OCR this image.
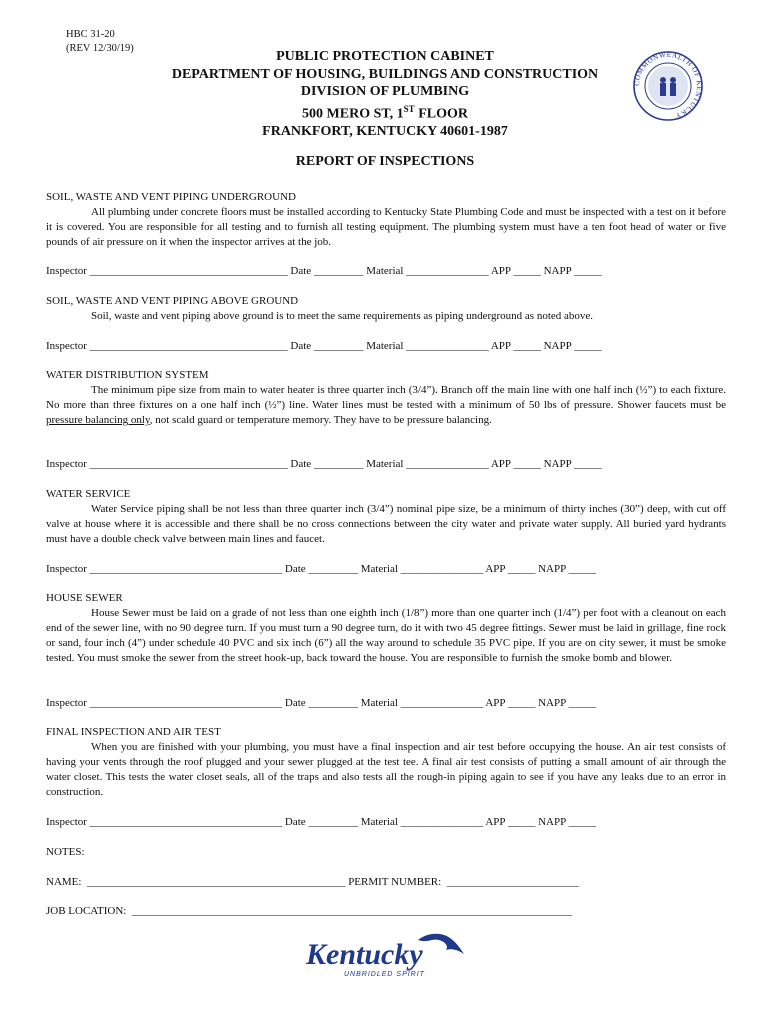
HBC 31-20
(REV 12/30/19)
PUBLIC PROTECTION CABINET
DEPARTMENT OF HOUSING, BUILDINGS AND CONSTRUCTION
DIVISION OF PLUMBING
500 MERO ST, 1ST FLOOR
FRANKFORT, KENTUCKY 40601-1987
COMMONWEALTH OF KENTUCKY
REPORT OF INSPECTIONS
SOIL, WASTE AND VENT PIPING UNDERGROUND
All plumbing under concrete floors must be installed according to Kentucky State Plumbing Code and must be inspected with a test on it before it is covered. You are responsible for all testing and to furnish all testing equipment. The plumbing system must have a ten foot head of water or five pounds of air pressure on it when the inspector arrives at the job.
Inspector ____________________________________ Date _________ Material _______________ APP _____ NAPP _____
SOIL, WASTE AND VENT PIPING ABOVE GROUND
Soil, waste and vent piping above ground is to meet the same requirements as piping underground as noted above.
Inspector ____________________________________ Date _________ Material _______________ APP _____ NAPP _____
WATER DISTRIBUTION SYSTEM
The minimum pipe size from main to water heater is three quarter inch (3/4”). Branch off the main line with one half inch (½”) to each fixture. No more than three fixtures on a one half inch (½”) line. Water lines must be tested with a minimum of 50 lbs of pressure. Shower faucets must be pressure balancing only, not scald guard or temperature memory. They have to be pressure balancing.
Inspector ____________________________________ Date _________ Material _______________ APP _____ NAPP _____
WATER SERVICE
Water Service piping shall be not less than three quarter inch (3/4”) nominal pipe size, be a minimum of thirty inches (30”) deep, with cut off valve at house where it is accessible and there shall be no cross connections between the city water and private water supply. All buried yard hydrants must have a double check valve between main lines and faucet.
Inspector ___________________________________ Date _________ Material _______________ APP _____ NAPP _____
HOUSE SEWER
House Sewer must be laid on a grade of not less than one eighth inch (1/8”) more than one quarter inch (1/4”) per foot with a cleanout on each end of the sewer line, with no 90 degree turn. If you must turn a 90 degree turn, do it with two 45 degree fittings. Sewer must be laid in grillage, fine rock or sand, four inch (4”) under schedule 40 PVC and six inch (6”) all the way around to schedule 35 PVC pipe. If you are on city sewer, it must be smoke tested. You must smoke the sewer from the street hook-up, back toward the house. You are responsible to furnish the smoke bomb and blower.
Inspector ___________________________________ Date _________ Material _______________ APP _____ NAPP _____
FINAL INSPECTION AND AIR TEST
When you are finished with your plumbing, you must have a final inspection and air test before occupying the house. An air test consists of having your vents through the roof plugged and your sewer plugged at the test tee. A final air test consists of putting a small amount of air through the water closet. This tests the water closet seals, all of the traps and also tests all the rough-in piping again to see if you have any leaks due to an error in construction.
Inspector ___________________________________ Date _________ Material _______________ APP _____ NAPP _____
NOTES:
NAME:  _______________________________________________ PERMIT NUMBER:  ________________________
JOB LOCATION:  ________________________________________________________________________________
Kentucky
UNBRIDLED SPIRIT
